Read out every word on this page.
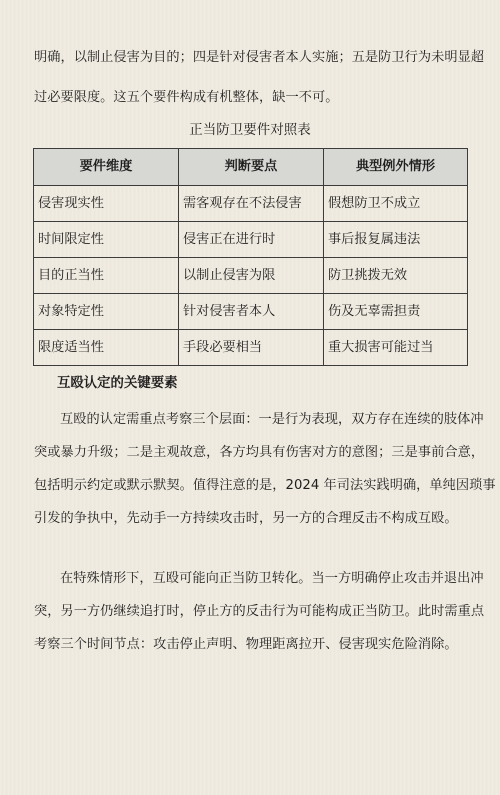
明确，以制止侵害为目的；四是针对侵害者本人实施；五是防卫行为未明显超
过必要限度。这五个要件构成有机整体，缺一不可。
正当防卫要件对照表
要件维度	判断要点	典型例外情形
侵害现实性	需客观存在不法侵害	假想防卫不成立
时间限定性	侵害正在进行时	事后报复属违法
目的正当性	以制止侵害为限	防卫挑拨无效
对象特定性	针对侵害者本人	伤及无辜需担责
限度适当性	手段必要相当	重大损害可能过当
互殴认定的关键要素
互殴的认定需重点考察三个层面：一是行为表现，双方存在连续的肢体冲
突或暴力升级；二是主观故意，各方均具有伤害对方的意图；三是事前合意，
包括明示约定或默示默契。值得注意的是，2024 年司法实践明确，单纯因琐事
引发的争执中，先动手一方持续攻击时，另一方的合理反击不构成互殴。
在特殊情形下，互殴可能向正当防卫转化。当一方明确停止攻击并退出冲
突，另一方仍继续追打时，停止方的反击行为可能构成正当防卫。此时需重点
考察三个时间节点：攻击停止声明、物理距离拉开、侵害现实危险消除。
